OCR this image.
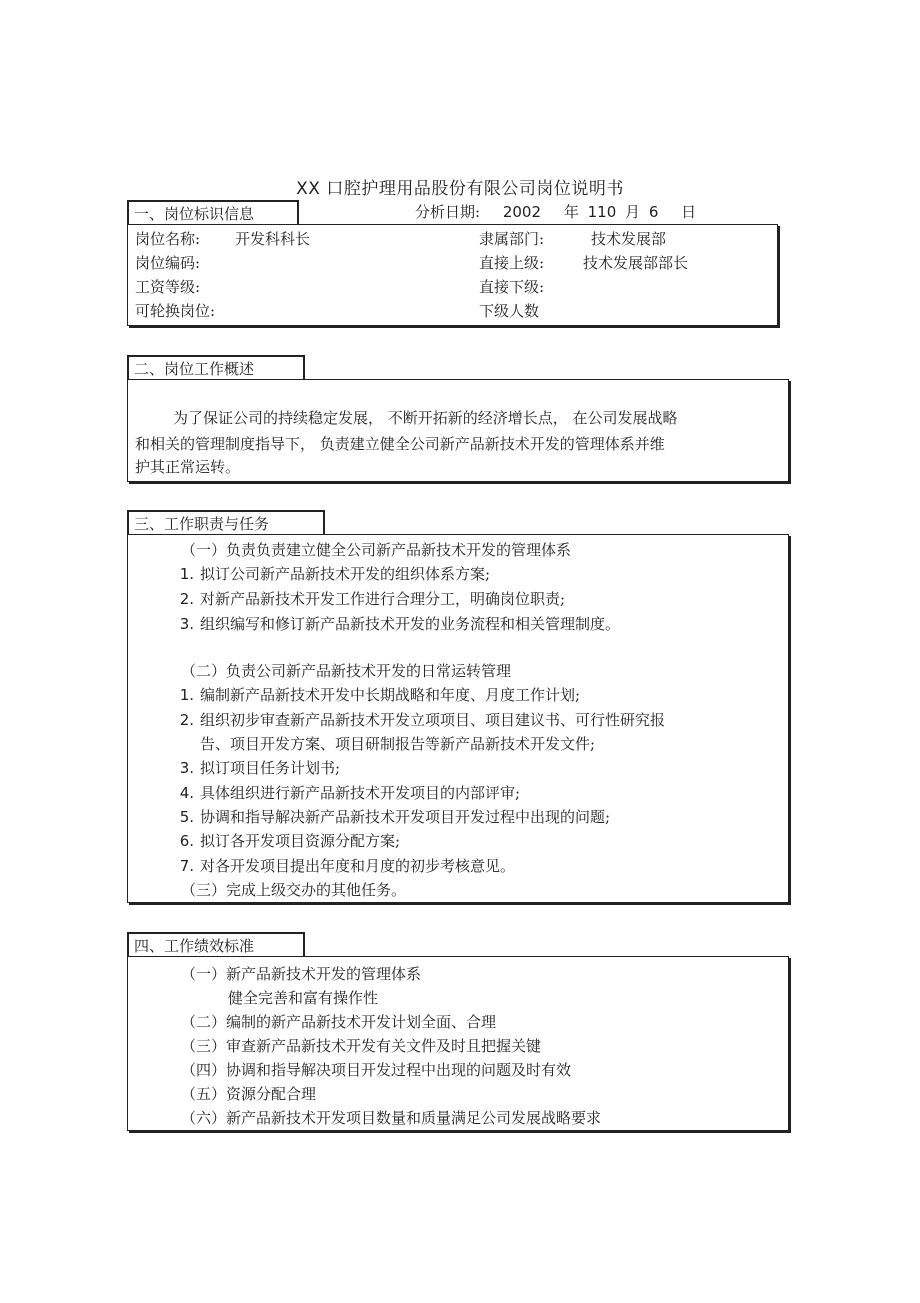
XX 口腔护理用品股份有限公司岗位说明书
一、岗位标识信息	分析日期: 2002 年 110 月 6 日
岗位名称: 开发科科长	隶属部门:	技术发展部
岗位编码:	直接上级:	技术发展部部长
工资等级:	直接下级:
可轮换岗位:	下级人数
二、岗位工作概述
为了保证公司的持续稳定发展， 不断开拓新的经济增长点， 在公司发展战略
和相关的管理制度指导下， 负责建立健全公司新产品新技术开发的管理体系并维
护其正常运转。
三、工作职责与任务
（一）负责负责建立健全公司新产品新技术开发的管理体系
1. 拟订公司新产品新技术开发的组织体系方案;
2. 对新产品新技术开发工作进行合理分工，明确岗位职责;
3. 组织编写和修订新产品新技术开发的业务流程和相关管理制度。
（二）负责公司新产品新技术开发的日常运转管理
1. 编制新产品新技术开发中长期战略和年度、月度工作计划;
2. 组织初步审查新产品新技术开发立项项目、项目建议书、可行性研究报
告、项目开发方案、项目研制报告等新产品新技术开发文件;
3. 拟订项目任务计划书;
4. 具体组织进行新产品新技术开发项目的内部评审;
5. 协调和指导解决新产品新技术开发项目开发过程中出现的问题;
6. 拟订各开发项目资源分配方案;
7. 对各开发项目提出年度和月度的初步考核意见。
（三）完成上级交办的其他任务。
四、工作绩效标准
（一）新产品新技术开发的管理体系
健全完善和富有操作性
（二）编制的新产品新技术开发计划全面、合理
（三）审查新产品新技术开发有关文件及时且把握关键
（四）协调和指导解决项目开发过程中出现的问题及时有效
（五）资源分配合理
（六）新产品新技术开发项目数量和质量满足公司发展战略要求
